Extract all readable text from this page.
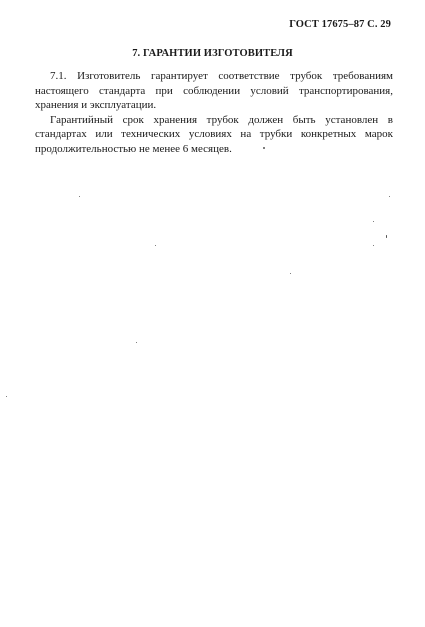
ГОСТ 17675–87 С. 29
7. ГАРАНТИИ ИЗГОТОВИТЕЛЯ

7.1. Изготовитель гарантирует соответствие трубок требованиям настоящего стандарта при соблюдении условий транспортирования, хранения и эксплуатации.

Гарантийный срок хранения трубок должен быть установлен в стандартах или технических условиях на трубки конкретных марок продолжительностью не менее 6 месяцев.
